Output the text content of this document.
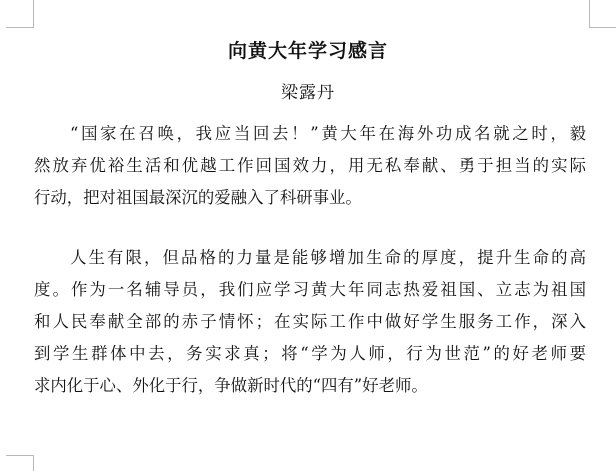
向黄大年学习感言
梁露丹
“国家在召唤，我应当回去！”黄大年在海外功成名就之时，毅
然放弃优裕生活和优越工作回国效力，用无私奉献、勇于担当的实际
行动，把对祖国最深沉的爱融入了科研事业。
人生有限，但品格的力量是能够增加生命的厚度，提升生命的高
度。作为一名辅导员，我们应学习黄大年同志热爱祖国、立志为祖国
和人民奉献全部的赤子情怀；在实际工作中做好学生服务工作，深入
到学生群体中去，务实求真；将“学为人师，行为世范”的好老师要
求内化于心、外化于行，争做新时代的“四有”好老师。
